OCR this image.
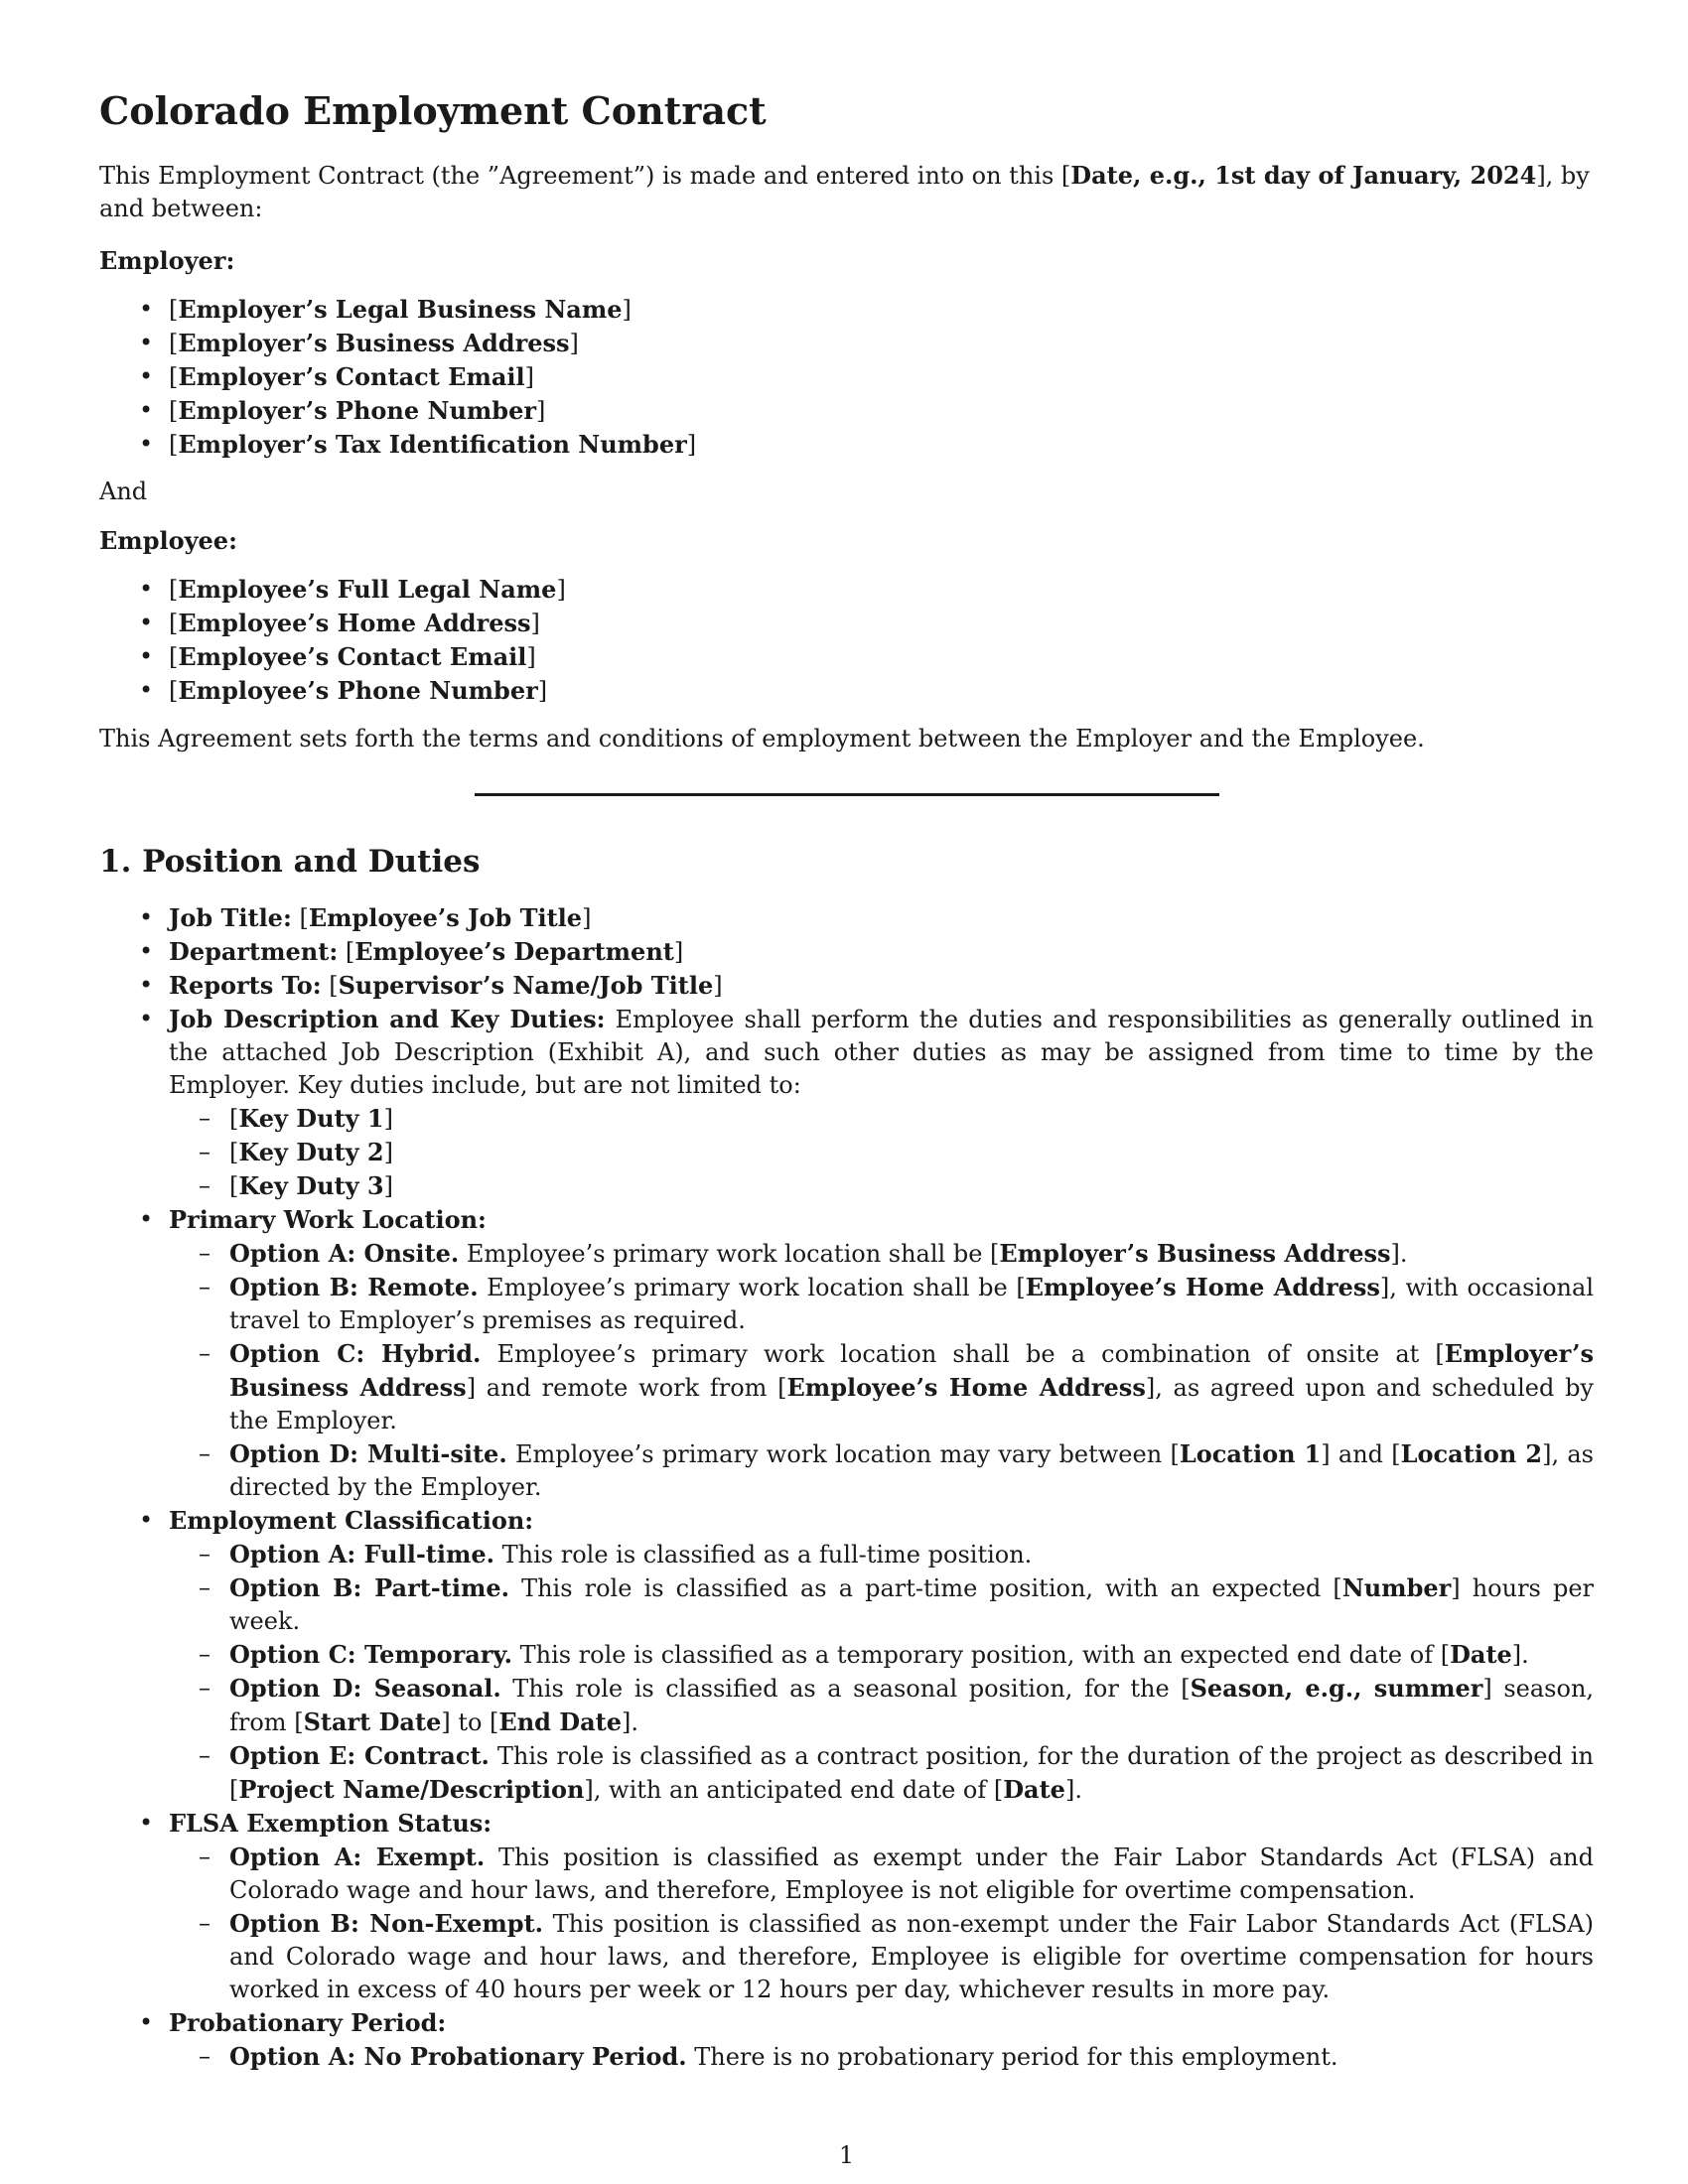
Colorado Employment Contract

This Employment Contract (the ”Agreement”) is made and entered into on this [Date, e.g., 1st day of January, 2024], by and between:

Employer:

• [Employer’s Legal Business Name]
• [Employer’s Business Address]
• [Employer’s Contact Email]
• [Employer’s Phone Number]
• [Employer’s Tax Identification Number]

And

Employee:

• [Employee’s Full Legal Name]
• [Employee’s Home Address]
• [Employee’s Contact Email]
• [Employee’s Phone Number]

This Agreement sets forth the terms and conditions of employment between the Employer and the Employee.

1. Position and Duties
• Job Title: [Employee’s Job Title]
• Department: [Employee’s Department]
• Reports To: [Supervisor’s Name/Job Title]
• Job Description and Key Duties: Employee shall perform the duties and responsibilities as generally outlined in the attached Job Description (Exhibit A), and such other duties as may be assigned from time to time by the Employer. Key duties include, but are not limited to:
– [Key Duty 1]
– [Key Duty 2]
– [Key Duty 3]
• Primary Work Location:
– Option A: Onsite. Employee’s primary work location shall be [Employer’s Business Address].
– Option B: Remote. Employee’s primary work location shall be [Employee’s Home Address], with occasional travel to Employer’s premises as required.
– Option C: Hybrid. Employee’s primary work location shall be a combination of onsite at [Employer’s Business Address] and remote work from [Employee’s Home Address], as agreed upon and scheduled by the Employer.
– Option D: Multi-site. Employee’s primary work location may vary between [Location 1] and [Location 2], as directed by the Employer.
• Employment Classification:
– Option A: Full-time. This role is classified as a full-time position.
– Option B: Part-time. This role is classified as a part-time position, with an expected [Number] hours per week.
– Option C: Temporary. This role is classified as a temporary position, with an expected end date of [Date].
– Option D: Seasonal. This role is classified as a seasonal position, for the [Season, e.g., summer] season, from [Start Date] to [End Date].
– Option E: Contract. This role is classified as a contract position, for the duration of the project as described in [Project Name/Description], with an anticipated end date of [Date].
• FLSA Exemption Status:
– Option A: Exempt. This position is classified as exempt under the Fair Labor Standards Act (FLSA) and Colorado wage and hour laws, and therefore, Employee is not eligible for overtime compensation.
– Option B: Non-Exempt. This position is classified as non-exempt under the Fair Labor Standards Act (FLSA) and Colorado wage and hour laws, and therefore, Employee is eligible for overtime compensation for hours worked in excess of 40 hours per week or 12 hours per day, whichever results in more pay.
• Probationary Period:
– Option A: No Probationary Period. There is no probationary period for this employment.
1
